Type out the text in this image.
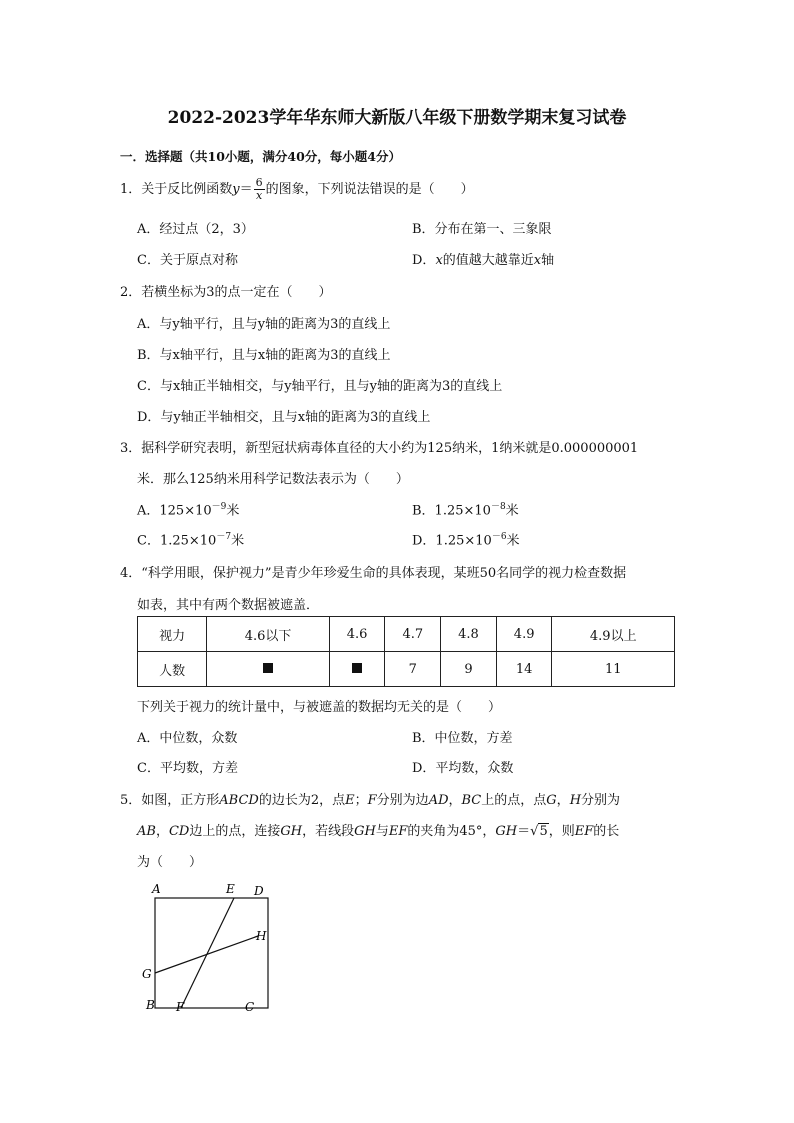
2022-2023学年华东师大新版八年级下册数学期末复习试卷
一．选择题（共10小题，满分40分，每小题4分）
1．关于反比例函数$y= \frac{6}{x}$ 的图象，下列说法错误的是（　　）
A．经过点（2，3）	B．分布在第一、三象限
C．关于原点对称	D．x的值越大越靠近x轴
2．若横坐标为3的点一定在（　　）
A．与y轴平行，且与y轴的距离为3的直线上
B．与x轴平行，且与x轴的距离为3的直线上
C．与x轴正半轴相交，与y轴平行，且与y轴的距离为3的直线上
D．与y轴正半轴相交，且与x轴的距离为3的直线上
3．据科学研究表明，新型冠状病毒体直径的大小约为125纳米，1纳米就是0.000000001
米．那么125纳米用科学记数法表示为（　　）
A．$125\times 10^{-9}$米	B．$1.25\times 10^{-8}$米
C．$1.25\times 10^{-7}$米	D．$1.25\times 10^{-6}$米
4．“科学用眼，保护视力”是青少年珍爱生命的具体表现，某班50名同学的视力检查数据
如表，其中有两个数据被遮盖．
视力	4.6以下	4.6	4.7	4.8	4.9	4.9以上
人数			7	9	14	11
下列关于视力的统计量中，与被遮盖的数据均无关的是（　　）
A．中位数，众数	B．中位数，方差
C．平均数，方差	D．平均数，众数
5．如图，正方形ABCD的边长为2，点E；F分别为边AD，BC上的点，点G，H分别为
AB，CD边上的点，连接GH，若线段GH与EF的夹角为45°，GH＝√5，则EF的长
为（　　）
A	E D
H
G
B F	C
